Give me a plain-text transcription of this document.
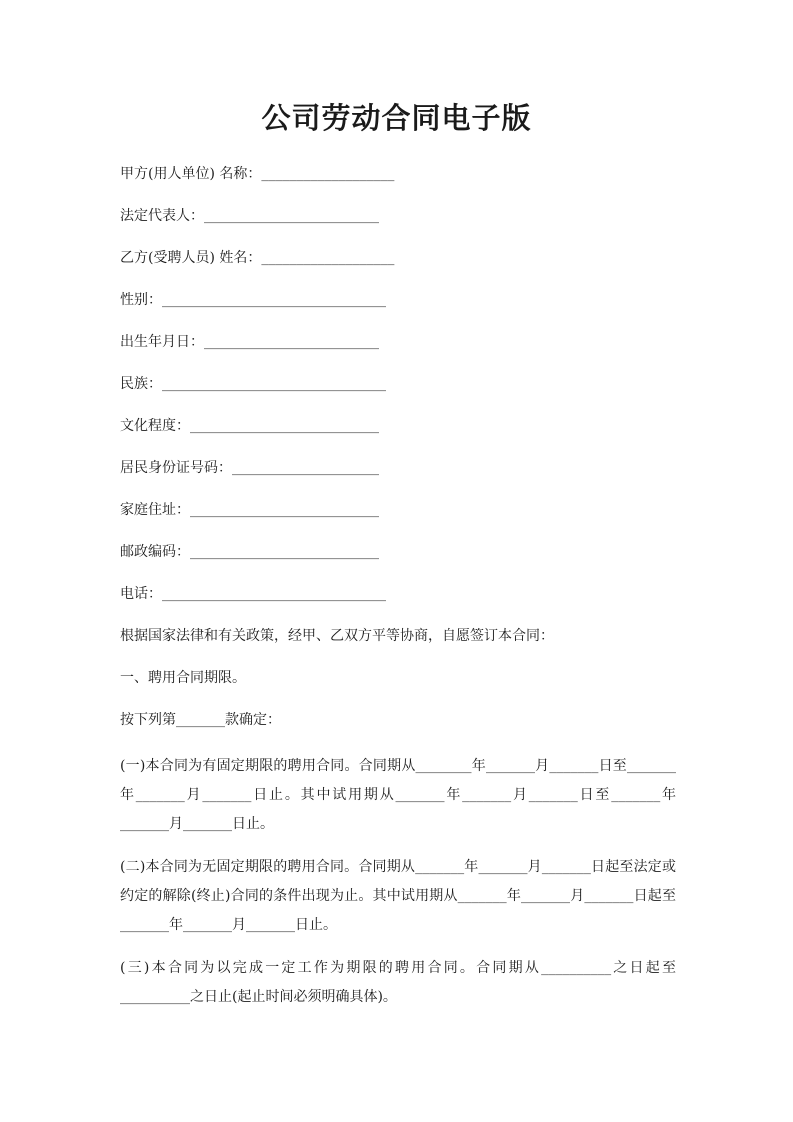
公司劳动合同电子版
甲方(用人单位) 名称：___________________
法定代表人：_________________________
乙方(受聘人员) 姓名：___________________
性别：________________________________
出生年月日：_________________________
民族：________________________________
文化程度：___________________________
居民身份证号码：_____________________
家庭住址：___________________________
邮政编码：___________________________
电话：________________________________

根据国家法律和有关政策，经甲、乙双方平等协商，自愿签订本合同：

一、聘用合同期限。

按下列第_______款确定：

(一)本合同为有固定期限的聘用合同。合同期从________年_______月_______日至_______年_______月_______日止。其中试用期从_______年_______月_______日至_______年_______月_______日止。

(二)本合同为无固定期限的聘用合同。合同期从_______年_______月_______日起至法定或约定的解除(终止)合同的条件出现为止。其中试用期从_______年_______月_______日起至_______年_______月_______日止。

(三)本合同为以完成一定工作为期限的聘用合同。合同期从__________之日起至__________之日止(起止时间必须明确具体)。
